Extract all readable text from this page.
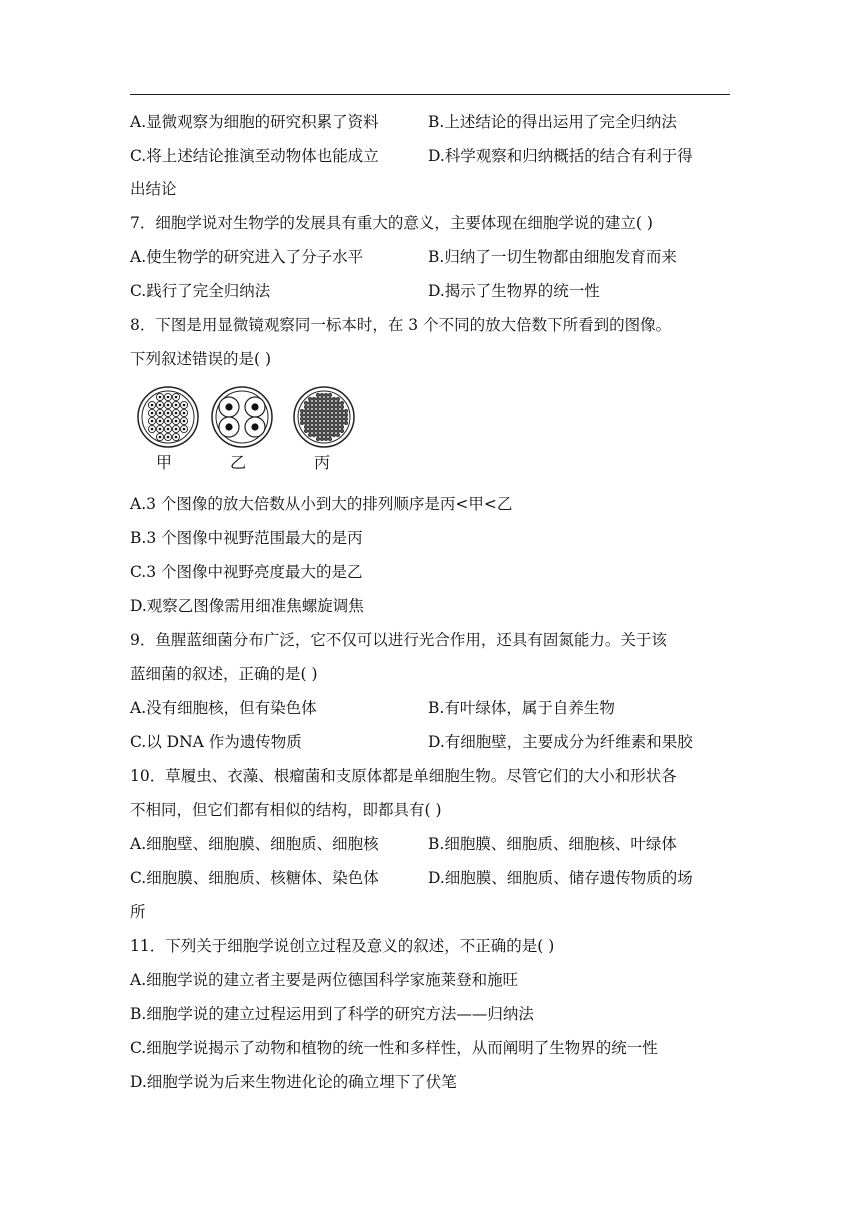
A.显微观察为细胞的研究积累了资料	B.上述结论的得出运用了完全归纳法
C.将上述结论推演至动物体也能成立	D.科学观察和归纳概括的结合有利于得
出结论
7．细胞学说对生物学的发展具有重大的意义，主要体现在细胞学说的建立( )
A.使生物学的研究进入了分子水平	B.归纳了一切生物都由细胞发育而来
C.践行了完全归纳法	D.揭示了生物界的统一性
8．下图是用显微镜观察同一标本时，在 3 个不同的放大倍数下所看到的图像。
下列叙述错误的是( )
A.3 个图像的放大倍数从小到大的排列顺序是丙<甲<乙
B.3 个图像中视野范围最大的是丙
C.3 个图像中视野亮度最大的是乙
D.观察乙图像需用细准焦螺旋调焦
9．鱼腥蓝细菌分布广泛，它不仅可以进行光合作用，还具有固氮能力。关于该
蓝细菌的叙述，正确的是( )
A.没有细胞核，但有染色体	B.有叶绿体，属于自养生物
C.以 DNA 作为遗传物质	D.有细胞壁，主要成分为纤维素和果胶
10．草履虫、衣藻、根瘤菌和支原体都是单细胞生物。尽管它们的大小和形状各
不相同，但它们都有相似的结构，即都具有( )
A.细胞壁、细胞膜、细胞质、细胞核	B.细胞膜、细胞质、细胞核、叶绿体
C.细胞膜、细胞质、核糖体、染色体	D.细胞膜、细胞质、储存遗传物质的场
所
11．下列关于细胞学说创立过程及意义的叙述，不正确的是( )
A.细胞学说的建立者主要是两位德国科学家施莱登和施旺
B.细胞学说的建立过程运用到了科学的研究方法——归纳法
C.细胞学说揭示了动物和植物的统一性和多样性，从而阐明了生物界的统一性
D.细胞学说为后来生物进化论的确立埋下了伏笔
甲	乙	丙
